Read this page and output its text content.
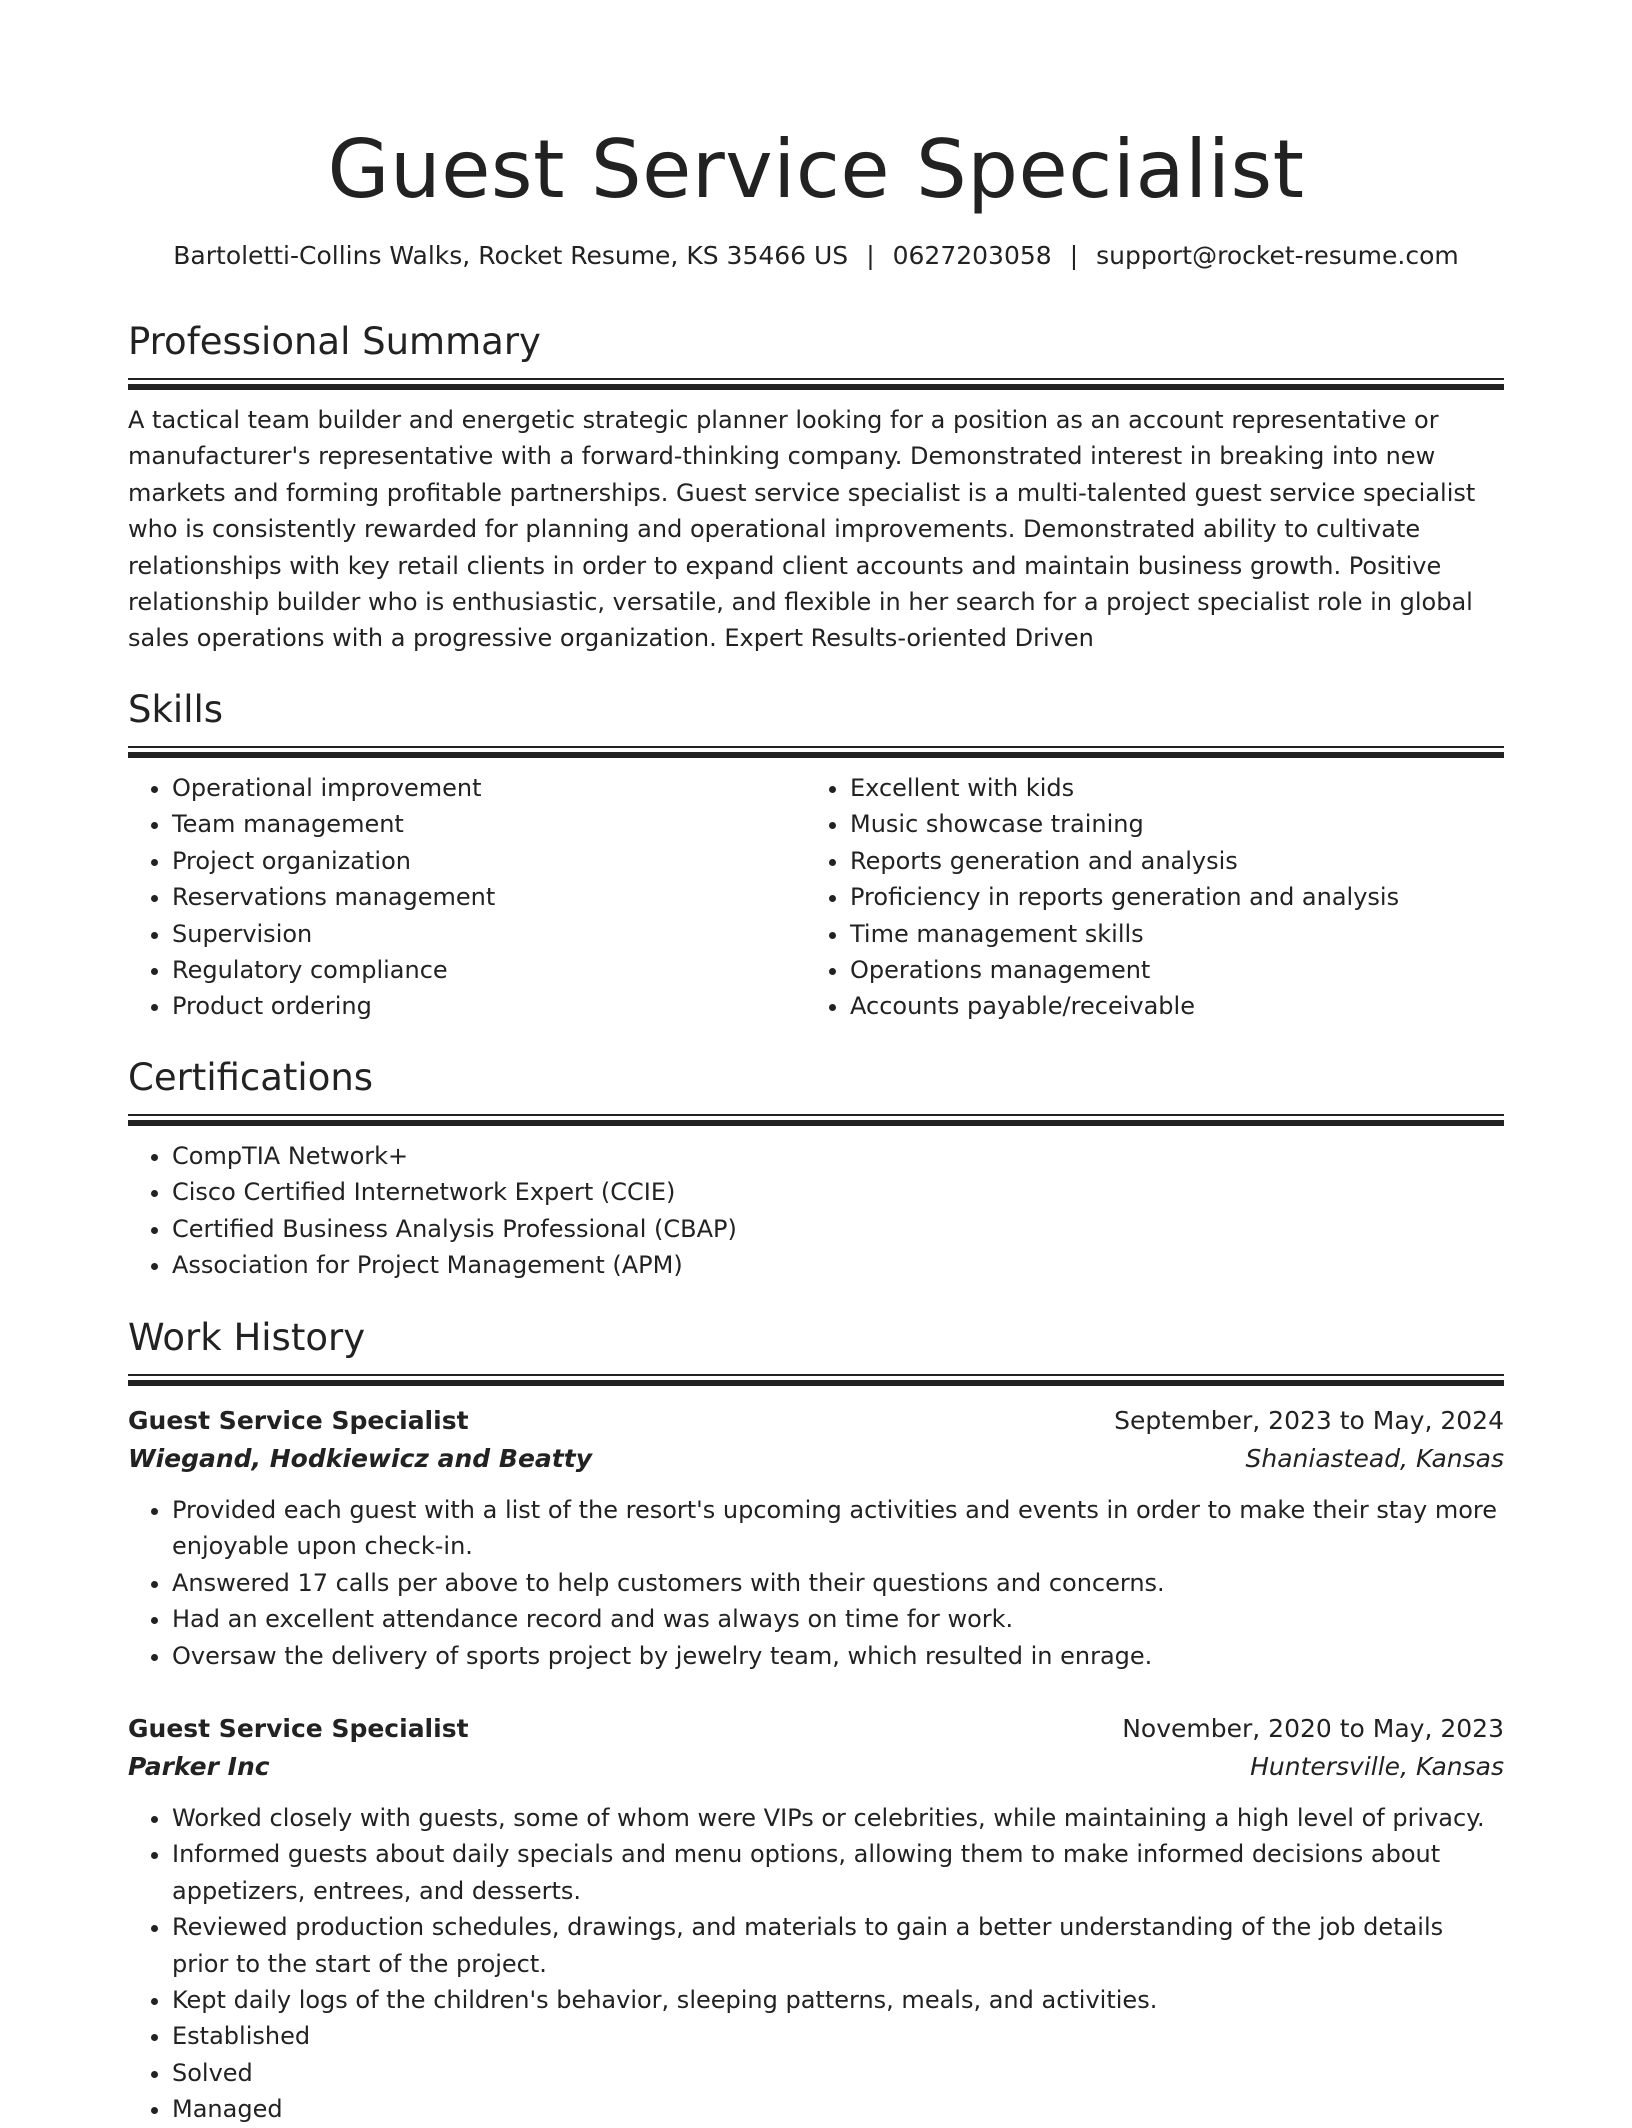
Guest Service Specialist
Bartoletti-Collins Walks, Rocket Resume, KS 35466 US | 0627203058 | support@rocket-resume.com
Professional Summary

A tactical team builder and energetic strategic planner looking for a position as an account representative or manufacturer's representative with a forward-thinking company. Demonstrated interest in breaking into new markets and forming profitable partnerships. Guest service specialist is a multi-talented guest service specialist who is consistently rewarded for planning and operational improvements. Demonstrated ability to cultivate relationships with key retail clients in order to expand client accounts and maintain business growth. Positive relationship builder who is enthusiastic, versatile, and flexible in her search for a project specialist role in global sales operations with a progressive organization. Expert Results-oriented Driven

Skills
• Operational improvement
• Team management
• Project organization
• Reservations management
• Supervision
• Regulatory compliance
• Product ordering
• Excellent with kids
• Music showcase training
• Reports generation and analysis
• Proficiency in reports generation and analysis
• Time management skills
• Operations management
• Accounts payable/receivable
Certifications
• CompTIA Network+
• Cisco Certified Internetwork Expert (CCIE)
• Certified Business Analysis Professional (CBAP)
• Association for Project Management (APM)
Work History
Guest Service Specialist	September, 2023 to May, 2024
Wiegand, Hodkiewicz and Beatty	Shaniastead, Kansas
• Provided each guest with a list of the resort's upcoming activities and events in order to make their stay more enjoyable upon check-in.
• Answered 17 calls per above to help customers with their questions and concerns.
• Had an excellent attendance record and was always on time for work.
• Oversaw the delivery of sports project by jewelry team, which resulted in enrage.
Guest Service Specialist	November, 2020 to May, 2023
Parker Inc	Huntersville, Kansas
• Worked closely with guests, some of whom were VIPs or celebrities, while maintaining a high level of privacy.
• Informed guests about daily specials and menu options, allowing them to make informed decisions about appetizers, entrees, and desserts.
• Reviewed production schedules, drawings, and materials to gain a better understanding of the job details prior to the start of the project.
• Kept daily logs of the children's behavior, sleeping patterns, meals, and activities.
• Established
• Solved
• Managed
